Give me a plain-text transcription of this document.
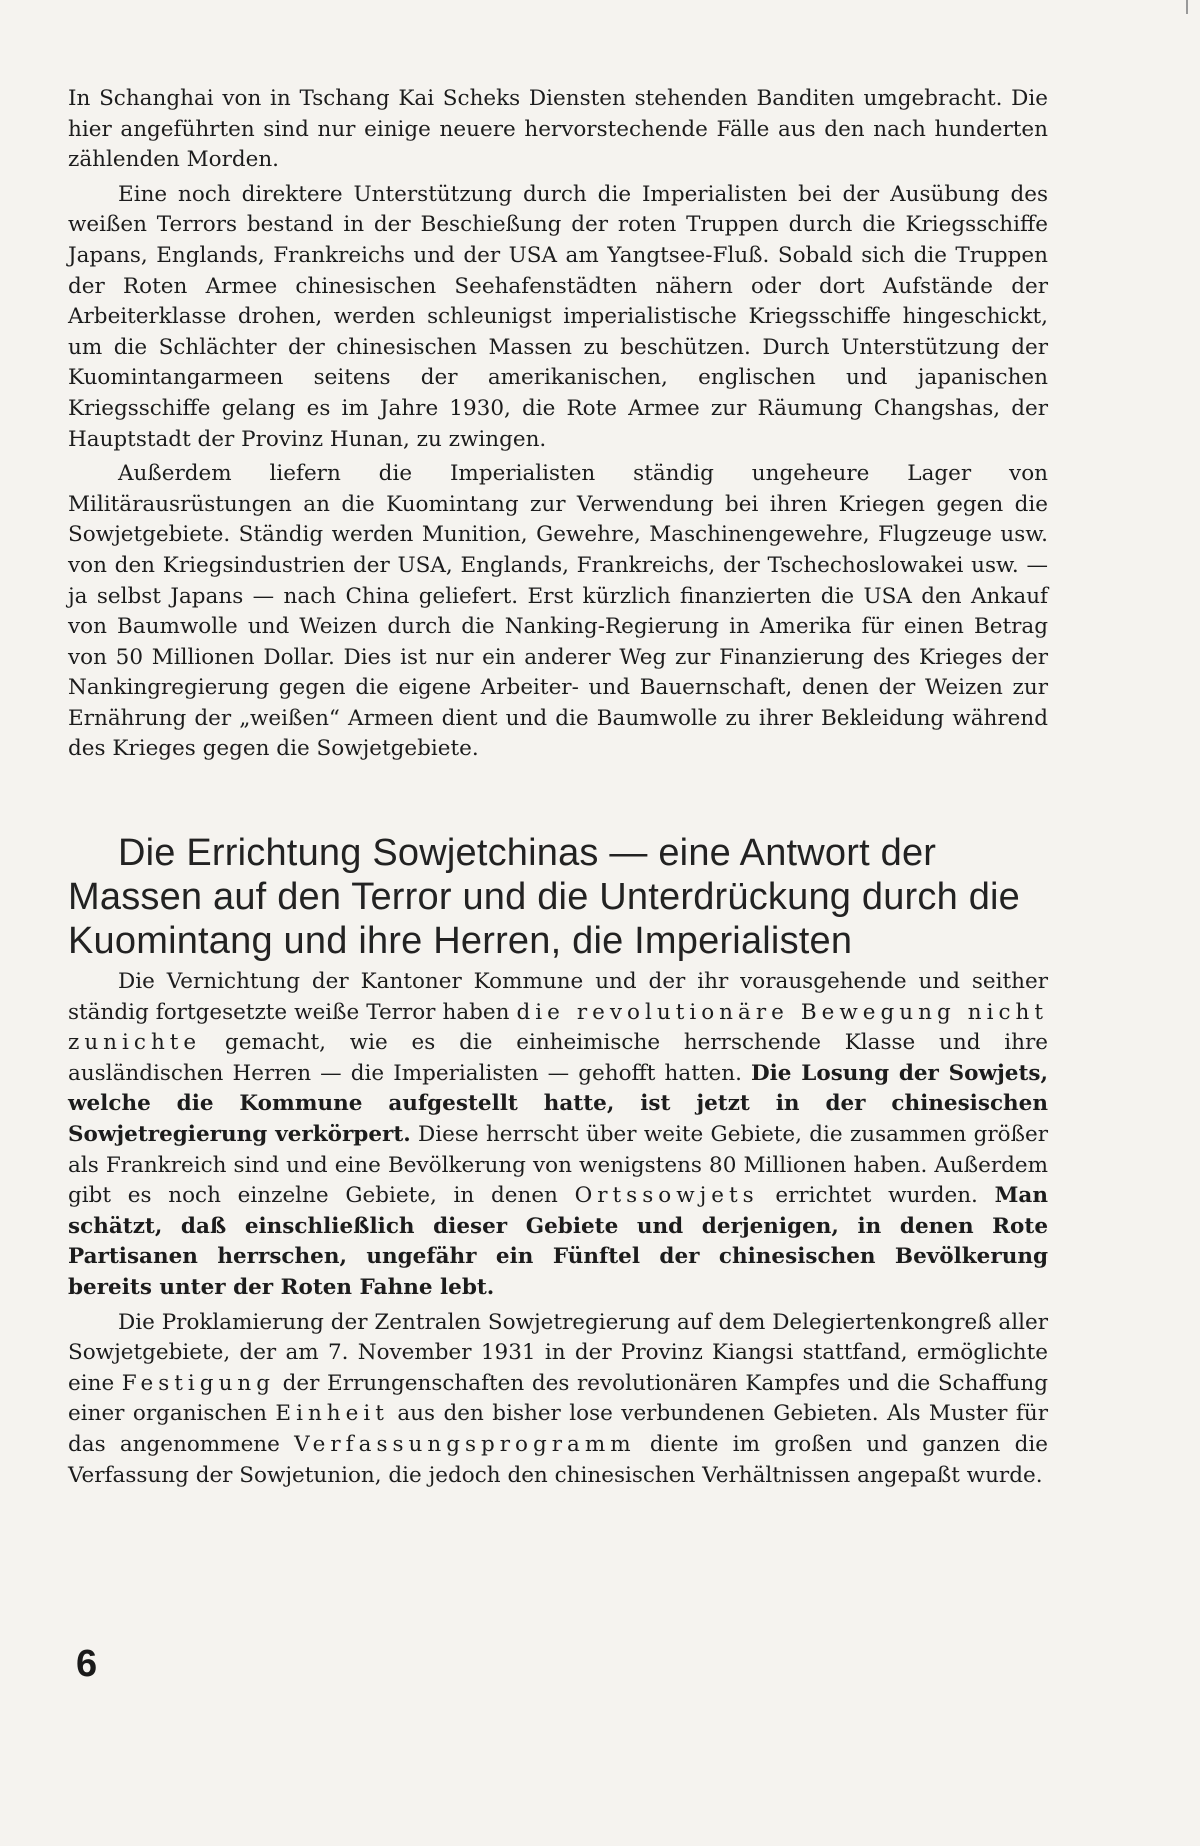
In Schanghai von in Tschang Kai Scheks Diensten stehenden Banditen umgebracht. Die hier angeführten sind nur einige neuere hervorstechende Fälle aus den nach hunderten zählenden Morden.

Eine noch direktere Unterstützung durch die Imperialisten bei der Ausübung des weißen Terrors bestand in der Beschießung der roten Truppen durch die Kriegsschiffe Japans, Englands, Frankreichs und der USA am Yangtsee-Fluß. Sobald sich die Truppen der Roten Armee chinesischen Seehafenstädten nähern oder dort Aufstände der Arbeiterklasse drohen, werden schleunigst imperialistische Kriegsschiffe hingeschickt, um die Schlächter der chinesischen Massen zu beschützen. Durch Unterstützung der Kuomintangarmeen seitens der amerikanischen, englischen und japanischen Kriegsschiffe gelang es im Jahre 1930, die Rote Armee zur Räumung Changshas, der Hauptstadt der Provinz Hunan, zu zwingen.

Außerdem liefern die Imperialisten ständig ungeheure Lager von Militärausrüstungen an die Kuomintang zur Verwendung bei ihren Kriegen gegen die Sowjetgebiete. Ständig werden Munition, Gewehre, Maschinengewehre, Flugzeuge usw. von den Kriegsindustrien der USA, Englands, Frankreichs, der Tschechoslowakei usw. — ja selbst Japans — nach China geliefert. Erst kürzlich finanzierten die USA den Ankauf von Baumwolle und Weizen durch die Nanking-Regierung in Amerika für einen Betrag von 50 Millionen Dollar. Dies ist nur ein anderer Weg zur Finanzierung des Krieges der Nankingregierung gegen die eigene Arbeiter- und Bauernschaft, denen der Weizen zur Ernährung der „weißen“ Armeen dient und die Baumwolle zu ihrer Bekleidung während des Krieges gegen die Sowjetgebiete.

Die Errichtung Sowjetchinas — eine Antwort der Massen auf den Terror und die Unterdrückung durch die Kuomintang und ihre Herren, die Imperialisten

Die Vernichtung der Kantoner Kommune und der ihr vorausgehende und seither ständig fortgesetzte weiße Terror haben die revolutionäre Bewegung nicht zunichte gemacht, wie es die einheimische herrschende Klasse und ihre ausländischen Herren — die Imperialisten — gehofft hatten. Die Losung der Sowjets, welche die Kommune aufgestellt hatte, ist jetzt in der chinesischen Sowjetregierung verkörpert. Diese herrscht über weite Gebiete, die zusammen größer als Frankreich sind und eine Bevölkerung von wenigstens 80 Millionen haben. Außerdem gibt es noch einzelne Gebiete, in denen Ortssowjets errichtet wurden. Man schätzt, daß einschließlich dieser Gebiete und derjenigen, in denen Rote Partisanen herrschen, ungefähr ein Fünftel der chinesischen Bevölkerung bereits unter der Roten Fahne lebt.

Die Proklamierung der Zentralen Sowjetregierung auf dem Delegiertenkongreß aller Sowjetgebiete, der am 7. November 1931 in der Provinz Kiangsi stattfand, ermöglichte eine Festigung der Errungenschaften des revolutionären Kampfes und die Schaffung einer organischen Einheit aus den bisher lose verbundenen Gebieten. Als Muster für das angenommene Verfassungsprogramm diente im großen und ganzen die Verfassung der Sowjetunion, die jedoch den chinesischen Verhältnissen angepaßt wurde.

6
